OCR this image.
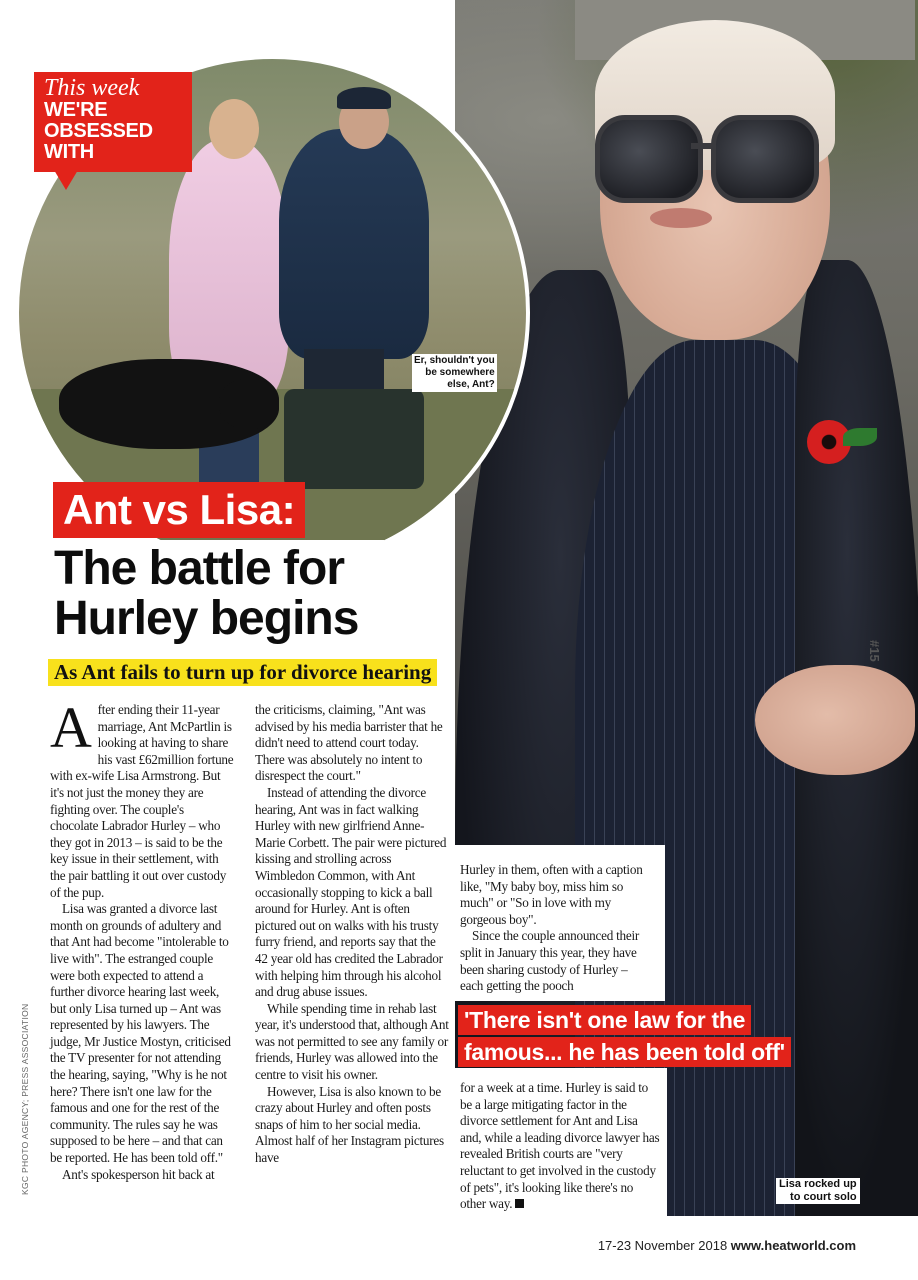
#15
Er, shouldn't you
be somewhere
else, Ant?
This week
WE'RE
OBSESSED
WITH
Ant vs Lisa:
The battle for
Hurley begins
As Ant fails to turn up for divorce hearing

After ending their 11-year marriage, Ant McPartlin is looking at having to share his vast £62million fortune with ex-wife Lisa Armstrong. But it's not just the money they are fighting over. The couple's chocolate Labrador Hurley – who they got in 2013 – is said to be the key issue in their settlement, with the pair battling it out over custody of the pup.

Lisa was granted a divorce last month on grounds of adultery and that Ant had become "intolerable to live with". The estranged couple were both expected to attend a further divorce hearing last week, but only Lisa turned up – Ant was represented by his lawyers. The judge, Mr Justice Mostyn, criticised the TV presenter for not attending the hearing, saying, "Why is he not here? There isn't one law for the famous and one for the rest of the community. The rules say he was supposed to be here – and that can be reported. He has been told off."

Ant's spokesperson hit back at

the criticisms, claiming, "Ant was advised by his media barrister that he didn't need to attend court today. There was absolutely no intent to disrespect the court."

Instead of attending the divorce hearing, Ant was in fact walking Hurley with new girlfriend Anne-Marie Corbett. The pair were pictured kissing and strolling across Wimbledon Common, with Ant occasionally stopping to kick a ball around for Hurley. Ant is often pictured out on walks with his trusty furry friend, and reports say that the 42 year old has credited the Labrador with helping him through his alcohol and drug abuse issues.

While spending time in rehab last year, it's understood that, although Ant was not permitted to see any family or friends, Hurley was allowed into the centre to visit his owner.

However, Lisa is also known to be crazy about Hurley and often posts snaps of him to her social media. Almost half of her Instagram pictures have

Hurley in them, often with a caption like, "My baby boy, miss him so much" or "So in love with my gorgeous boy".

Since the couple announced their split in January this year, they have been sharing custody of Hurley – each getting the pooch

'There isn't one law for the
famous... he has been told off'

for a week at a time. Hurley is said to be a large mitigating factor in the divorce settlement for Ant and Lisa and, while a leading divorce lawyer has revealed British courts are "very reluctant to get involved in the custody of pets", it's looking like there's no other way.

Lisa rocked up
to court solo
KGC PHOTO AGENCY; PRESS ASSOCIATION
17-23 November 2018 www.heatworld.com
